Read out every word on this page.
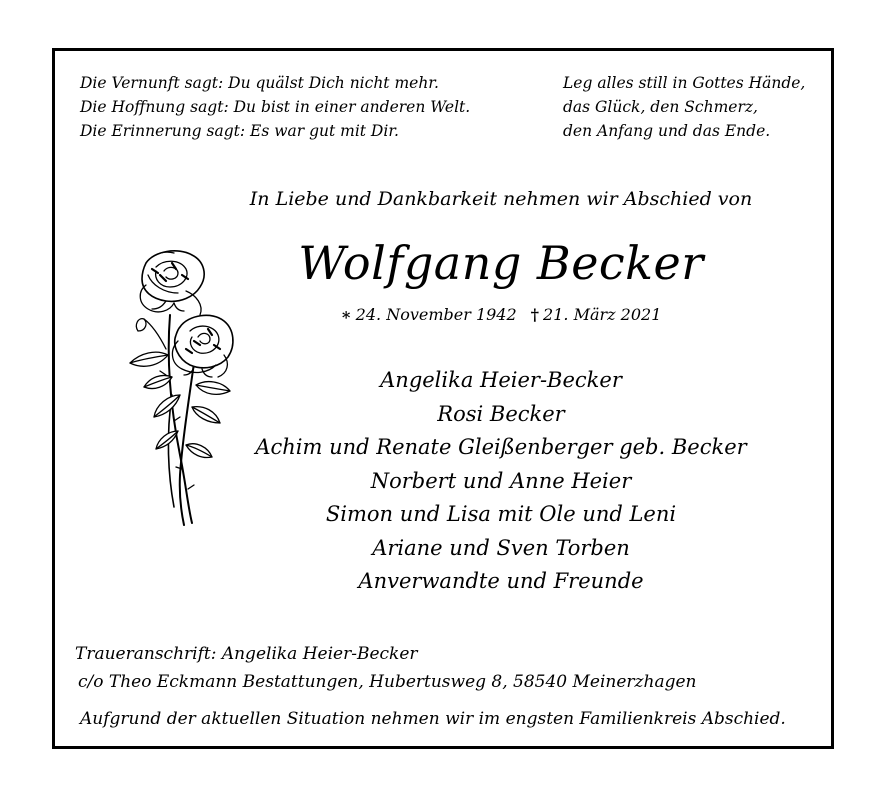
Die Vernunft sagt: Du quälst Dich nicht mehr.
Die Hoffnung sagt: Du bist in einer anderen Welt.
Die Erinnerung sagt: Es war gut mit Dir.
Leg alles still in Gottes Hände,
das Glück, den Schmerz,
den Anfang und das Ende.
In Liebe und Dankbarkeit nehmen wir Abschied von
Wolfgang Becker
∗ 24. November 1942 † 21. März 2021
Angelika Heier-Becker
Rosi Becker
Achim und Renate Gleißenberger geb. Becker
Norbert und Anne Heier
Simon und Lisa mit Ole und Leni
Ariane und Sven Torben
Anverwandte und Freunde
Traueranschrift: Angelika Heier-Becker
c/o Theo Eckmann Bestattungen, Hubertusweg 8, 58540 Meinerzhagen
Aufgrund der aktuellen Situation nehmen wir im engsten Familienkreis Abschied.
